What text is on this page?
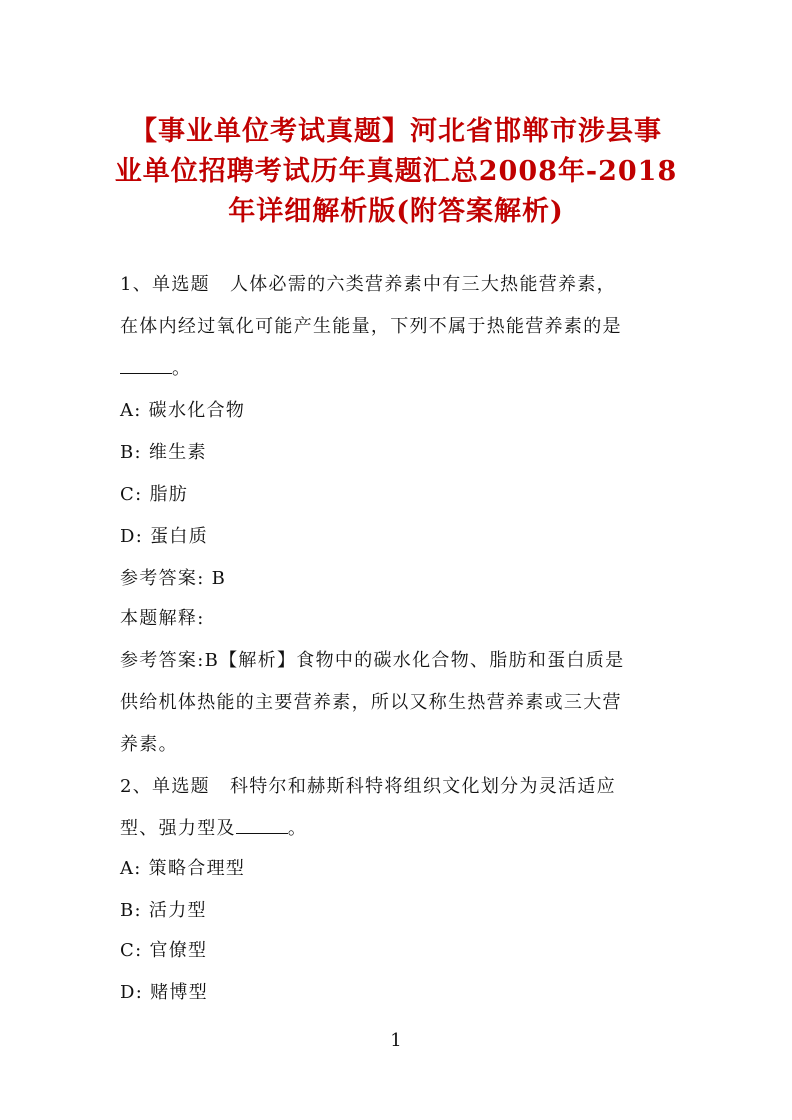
【事业单位考试真题】河北省邯郸市涉县事
业单位招聘考试历年真题汇总2008年-2018
年详细解析版(附答案解析)
1、单选题 人体必需的六类营养素中有三大热能营养素，
在体内经过氧化可能产生能量，下列不属于热能营养素的是
。
A: 碳水化合物
B: 维生素
C: 脂肪
D: 蛋白质
参考答案: B
本题解释:
参考答案:B【解析】食物中的碳水化合物、脂肪和蛋白质是
供给机体热能的主要营养素，所以又称生热营养素或三大营
养素。
2、单选题 科特尔和赫斯科特将组织文化划分为灵活适应
型、强力型及	。
A: 策略合理型
B: 活力型
C: 官僚型
D: 赌博型
1
